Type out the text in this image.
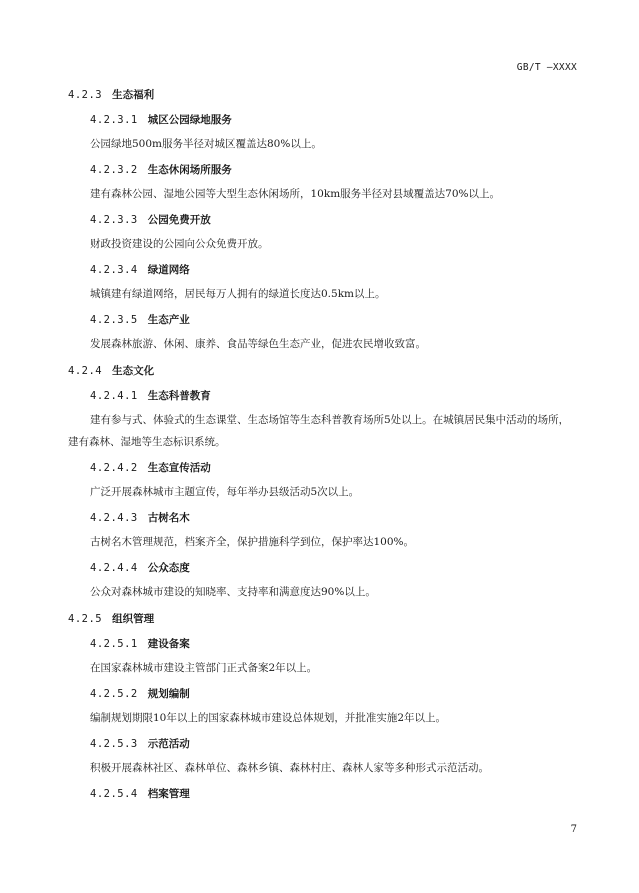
GB/T —XXXX
4.2.3 生态福利
4.2.3.1 城区公园绿地服务

公园绿地500m服务半径对城区覆盖达80%以上。

4.2.3.2 生态休闲场所服务

建有森林公园、湿地公园等大型生态休闲场所，10km服务半径对县域覆盖达70%以上。

4.2.3.3 公园免费开放

财政投资建设的公园向公众免费开放。

4.2.3.4 绿道网络

城镇建有绿道网络，居民每万人拥有的绿道长度达0.5km以上。

4.2.3.5 生态产业

发展森林旅游、休闲、康养、食品等绿色生态产业，促进农民增收致富。

4.2.4 生态文化
4.2.4.1 生态科普教育

建有参与式、体验式的生态课堂、生态场馆等生态科普教育场所5处以上。在城镇居民集中活动的场所，建有森林、湿地等生态标识系统。

4.2.4.2 生态宣传活动

广泛开展森林城市主题宣传，每年举办县级活动5次以上。

4.2.4.3 古树名木

古树名木管理规范，档案齐全，保护措施科学到位，保护率达100%。

4.2.4.4 公众态度

公众对森林城市建设的知晓率、支持率和满意度达90%以上。

4.2.5 组织管理
4.2.5.1 建设备案

在国家森林城市建设主管部门正式备案2年以上。

4.2.5.2 规划编制

编制规划期限10年以上的国家森林城市建设总体规划，并批准实施2年以上。

4.2.5.3 示范活动

积极开展森林社区、森林单位、森林乡镇、森林村庄、森林人家等多种形式示范活动。

4.2.5.4 档案管理
7
